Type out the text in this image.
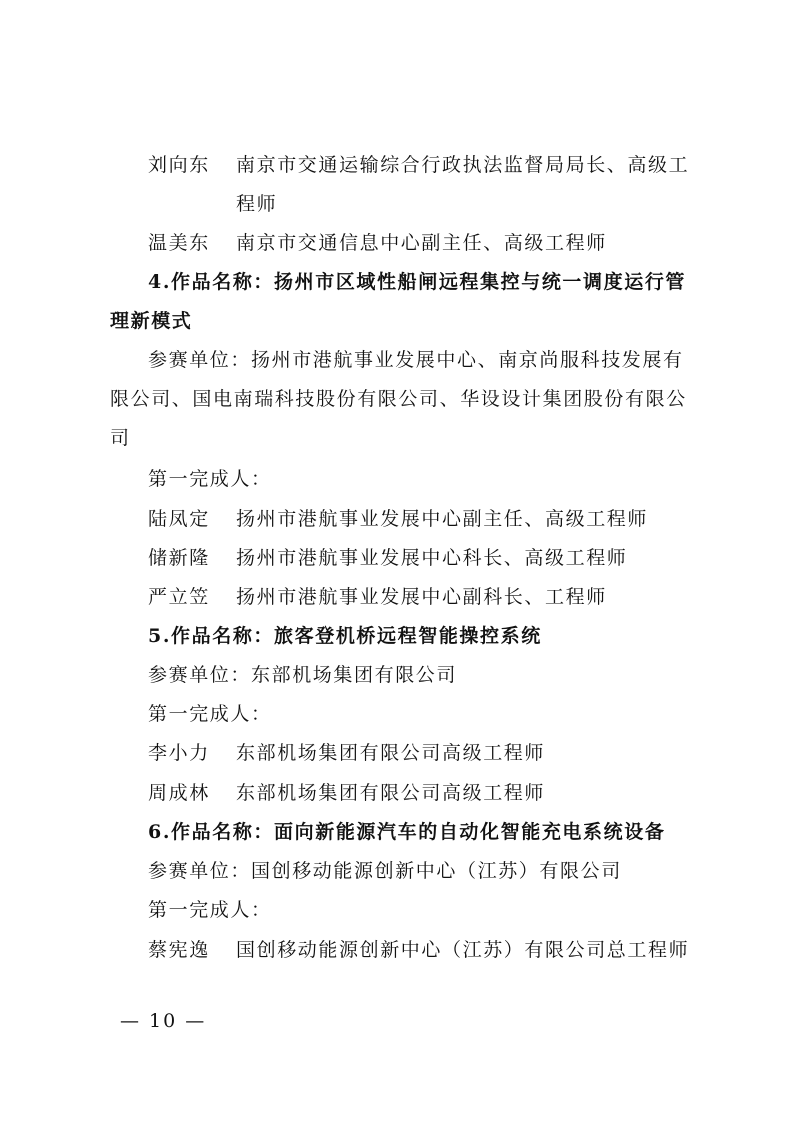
刘向东 南京市交通运输综合行政执法监督局局长、高级工
程师
温美东 南京市交通信息中心副主任、高级工程师
4.作品名称：扬州市区域性船闸远程集控与统一调度运行管
理新模式
参赛单位：扬州市港航事业发展中心、南京尚服科技发展有
限公司、国电南瑞科技股份有限公司、华设设计集团股份有限公
司
第一完成人：
陆凤定 扬州市港航事业发展中心副主任、高级工程师
储新隆 扬州市港航事业发展中心科长、高级工程师
严立笠 扬州市港航事业发展中心副科长、工程师
5.作品名称：旅客登机桥远程智能操控系统
参赛单位：东部机场集团有限公司
第一完成人：
李小力 东部机场集团有限公司高级工程师
周成林 东部机场集团有限公司高级工程师
6.作品名称：面向新能源汽车的自动化智能充电系统设备
参赛单位：国创移动能源创新中心（江苏）有限公司
第一完成人：
蔡宪逸 国创移动能源创新中心（江苏）有限公司总工程师
— 10 —
